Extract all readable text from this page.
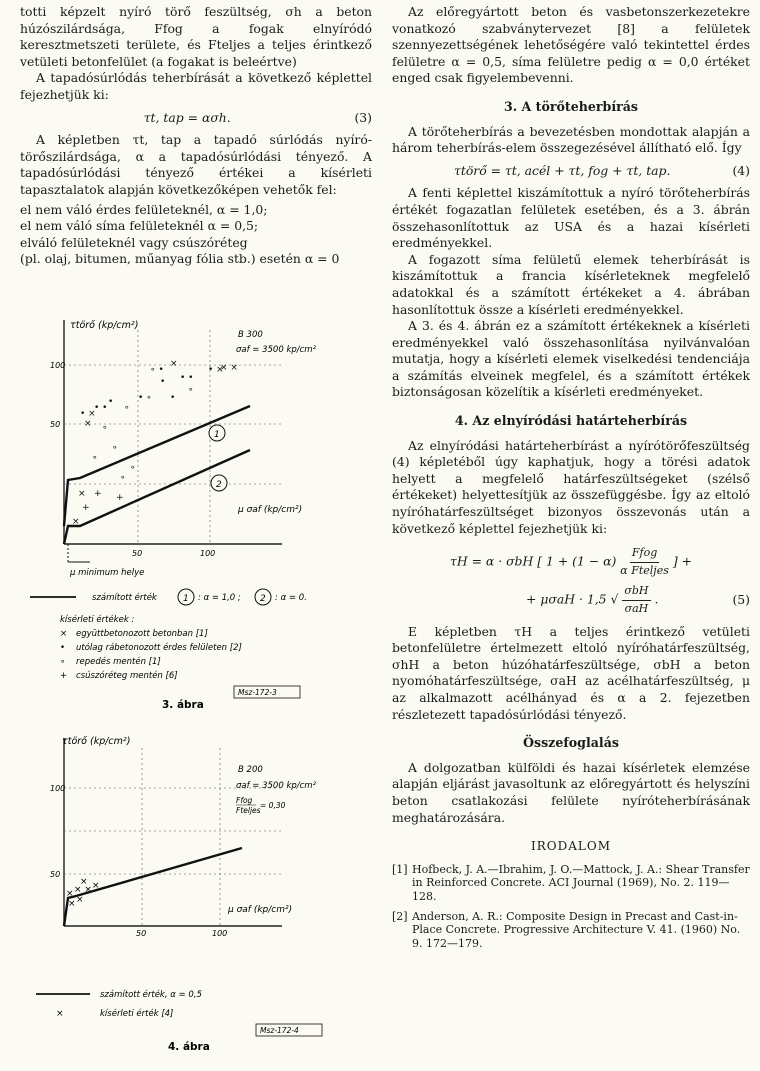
totti képzelt nyíró törő feszültség, σh a beton húzószilárdsága, Ffog a fogak elnyíródó keresztmetszeti területe, és Fteljes a teljes érintkező vetületi betonfelület (a fogakat is beleértve)

A tapadósúrlódás teherbírását a következő képlettel fejezhetjük ki:

τt, tap = ασh.	(3)

A képletben τt, tap a tapadó súrlódás nyíró-törőszilárdsága, α a tapadósúrlódási tényező. A tapadósúrlódási tényező értékei a kísérleti tapasztalatok alapján következőképen vehetők fel:

el nem váló érdes felületeknél, α = 1,0;
el nem váló síma felületeknél α = 0,5;
elváló felületeknél vagy csúszóréteg
(pl. olaj, bitumen, műanyag fólia stb.) esetén α = 0
τtörő (kp/cm²)
100
50
50	100
B 300
σaf = 3500 kp/cm²
μ σaf (kp/cm²)
1
2
× ×
• ×
• •
×
•
∘ •
∘
•
• ∘
∘
•
• •
• ×
× ∘
∘
∘
∘
∘
+
+
+
×
×
μ minimum helye
számított érték	1 : α = 1,0 ; 2 : α = 0.
kísérleti értékek :
× együttbetonozott betonban [1]
• utólag rábetonozott érdes felületen [2]
∘ repedés mentén [1]
+ csúszóréteg mentén [6]
Msz-172-3
3. ábra
τtörő (kp/cm²)
100
50
50	100
B 200
σaf = 3500 kp/cm²
Ffog
Fteljes
= 0,30
μ σaf (kp/cm²)
× × ×
× ×
× ×
számított érték, α = 0,5
×	kísérleti érték [4]
Msz-172-4
4. ábra

Az előregyártott beton és vasbetonszerkezetekre vonatkozó szabványtervezet [8] a felületek szennyezettségének lehetőségére való tekintettel érdes felületre α = 0,5, síma felületre pedig α = 0,0 értéket enged csak figyelembevenni.

3. A törőteherbírás

A törőteherbírás a bevezetésben mondottak alapján a három teherbírás-elem összegezésével állítható elő. Így

τtörő = τt, acél + τt, fog + τt, tap.	(4)

A fenti képlettel kiszámítottuk a nyíró törőteherbírás értékét fogazatlan felületek esetében, és a 3. ábrán összehasonlítottuk az USA és a hazai kísérleti eredményekkel.

A fogazott síma felületű elemek teherbírását is kiszámítottuk a francia kísérleteknek megfelelő adatokkal és a számított értékeket a 4. ábrában hasonlítottuk össze a kísérleti eredményekkel.

A 3. és 4. ábrán ez a számított értékeknek a kísérleti eredményekkel való összehasonlítása nyilvánvalóan mutatja, hogy a kísérleti elemek viselkedési tendenciája a számítás elveinek megfelel, és a számított értékek biztonságosan közelítik a kísérleti eredményeket.

4. Az elnyíródási határteherbírás

Az elnyíródási határteherbírást a nyírótörőfeszültség (4) képletéből úgy kaphatjuk, hogy a törési adatok helyett a megfelelő határfeszültségeket (szélső értékeket) helyettesítjük az összefüggésbe. Így az eltoló nyíróhatárfeszültséget bizonyos összevonás után a következő képlettel fejezhetjük ki:

τH = α · σbH [ 1 + (1 − α)
Ffog
α Fteljes
] +
+ μσaH · 1,5 √
σbH
σaH
.	(5)

E képletben τH a teljes érintkező vetületi betonfelületre értelmezett eltoló nyíróhatárfeszültség, σhH a beton húzóhatárfeszültsége, σbH a beton nyomóhatárfeszültsége, σaH az acélhatárfeszültség, μ az alkalmazott acélhányad és α a 2. fejezetben részletezett tapadósúrlódási tényező.

Összefoglalás

A dolgozatban külföldi és hazai kísérletek elemzése alapján eljárást javasoltunk az előregyártott és helyszíni beton csatlakozási felülete nyíróteherbírásának meghatározására.

IRODALOM
[1] Hofbeck, J. A.—Ibrahim, J. O.—Mattock, J. A.: Shear Transfer in Reinforced Concrete. ACI Journal (1969), No. 2. 119—128.
[2] Anderson, A. R.: Composite Design in Precast and Cast-in-Place Concrete. Progressive Architecture V. 41. (1960) No. 9. 172—179.
